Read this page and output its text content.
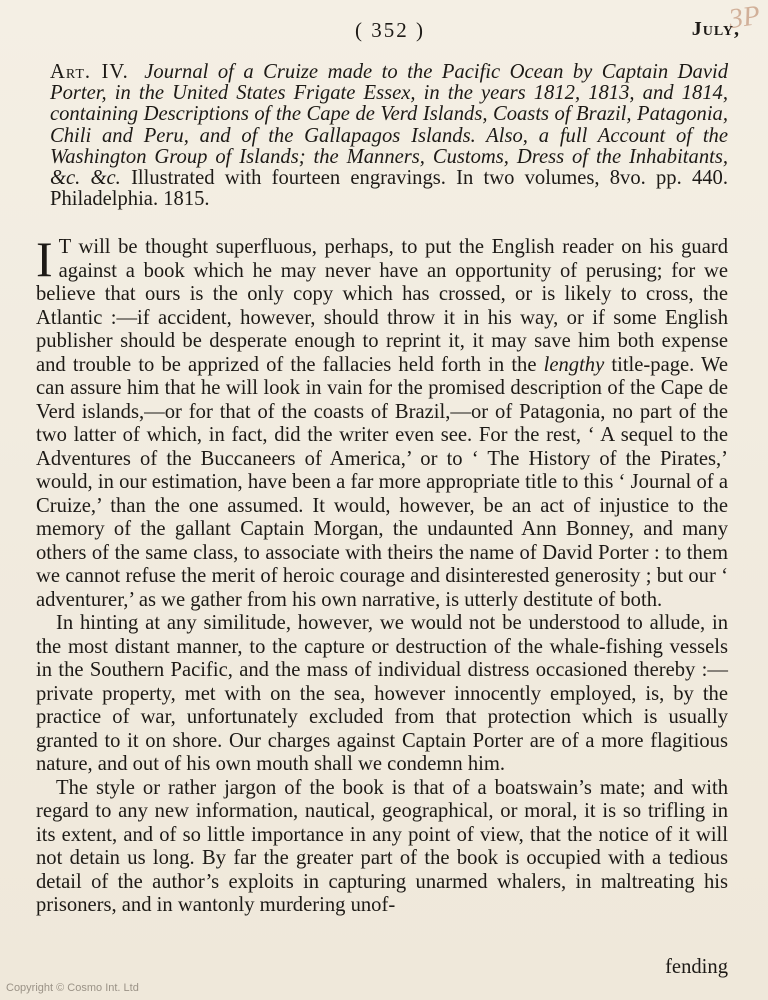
3P
( 352 )	July,
Art. IV. Journal of a Cruize made to the Pacific Ocean by Captain David Porter, in the United States Frigate Essex, in the years 1812, 1813, and 1814, containing Descriptions of the Cape de Verd Islands, Coasts of Brazil, Patagonia, Chili and Peru, and of the Gallapagos Islands. Also, a full Account of the Washington Group of Islands; the Manners, Customs, Dress of the Inhabitants, &c. &c. Illustrated with fourteen engravings. In two volumes, 8vo. pp. 440. Philadelphia. 1815.

I T will be thought superfluous, perhaps, to put the English reader on his guard against a book which he may never have an opportunity of perusing; for we believe that ours is the only copy which has crossed, or is likely to cross, the Atlantic :—if accident, however, should throw it in his way, or if some English publisher should be desperate enough to reprint it, it may save him both expense and trouble to be apprized of the fallacies held forth in the lengthy title-page. We can assure him that he will look in vain for the promised description of the Cape de Verd islands,—or for that of the coasts of Brazil,—or of Patagonia, no part of the two latter of which, in fact, did the writer even see. For the rest, ‘ A sequel to the Adventures of the Buccaneers of America,’ or to ‘ The History of the Pirates,’ would, in our estimation, have been a far more appropriate title to this ‘ Journal of a Cruize,’ than the one assumed. It would, however, be an act of injustice to the memory of the gallant Captain Morgan, the undaunted Ann Bonney, and many others of the same class, to associate with theirs the name of David Porter : to them we cannot refuse the merit of heroic courage and disinterested generosity ; but our ‘ adventurer,’ as we gather from his own narrative, is utterly destitute of both.

In hinting at any similitude, however, we would not be understood to allude, in the most distant manner, to the capture or destruction of the whale-fishing vessels in the Southern Pacific, and the mass of individual distress occasioned thereby :—private property, met with on the sea, however innocently employed, is, by the practice of war, unfortunately excluded from that protection which is usually granted to it on shore. Our charges against Captain Porter are of a more flagitious nature, and out of his own mouth shall we condemn him.

The style or rather jargon of the book is that of a boatswain’s mate; and with regard to any new information, nautical, geographical, or moral, it is so trifling in its extent, and of so little importance in any point of view, that the notice of it will not detain us long. By far the greater part of the book is occupied with a tedious detail of the author’s exploits in capturing unarmed whalers, in maltreating his prisoners, and in wantonly murdering unof-

fending
Copyright © Cosmo Int. Ltd
